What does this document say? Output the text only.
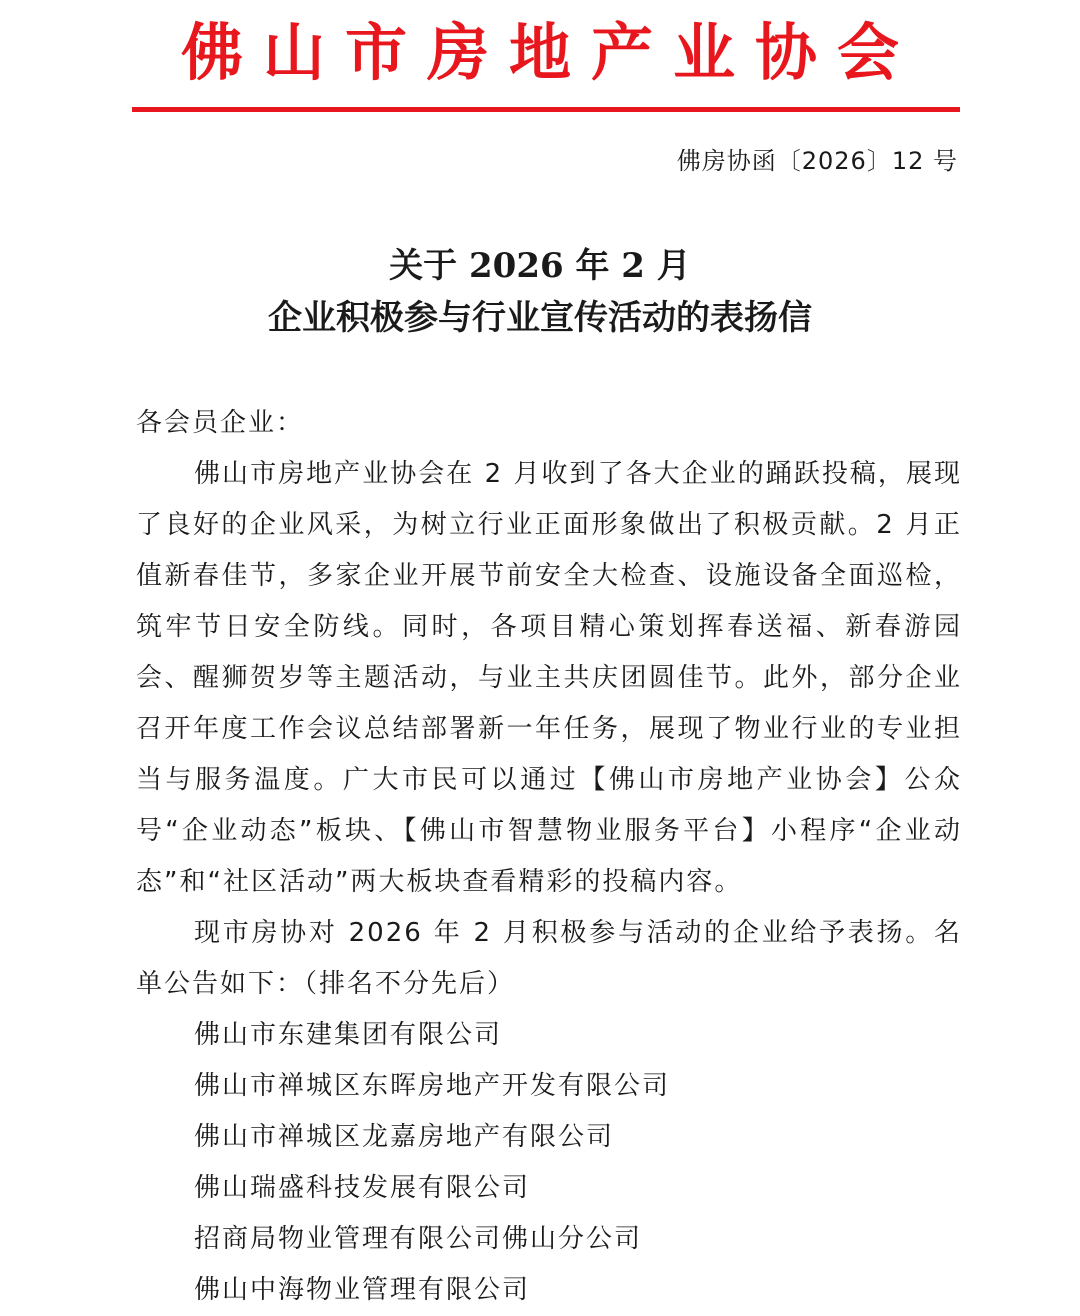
佛山市房地产业协会
佛房协函〔2026〕12 号
关于 2026 年 2 月
企业积极参与行业宣传活动的表扬信

各会员企业：

佛山市房地产业协会在 2 月收到了各大企业的踊跃投稿，展现了良好的企业风采，为树立行业正面形象做出了积极贡献。2 月正值新春佳节，多家企业开展节前安全大检查、设施设备全面巡检，筑牢节日安全防线。同时，各项目精心策划挥春送福、新春游园会、醒狮贺岁等主题活动，与业主共庆团圆佳节。此外，部分企业召开年度工作会议总结部署新一年任务，展现了物业行业的专业担当与服务温度。广大市民可以通过【佛山市房地产业协会】公众号“企业动态”板块、【佛山市智慧物业服务平台】小程序“企业动态”和“社区活动”两大板块查看精彩的投稿内容。

现市房协对 2026 年 2 月积极参与活动的企业给予表扬。名单公告如下：（排名不分先后）

佛山市东建集团有限公司
佛山市禅城区东晖房地产开发有限公司
佛山市禅城区龙嘉房地产有限公司
佛山瑞盛科技发展有限公司
招商局物业管理有限公司佛山分公司
佛山中海物业管理有限公司
